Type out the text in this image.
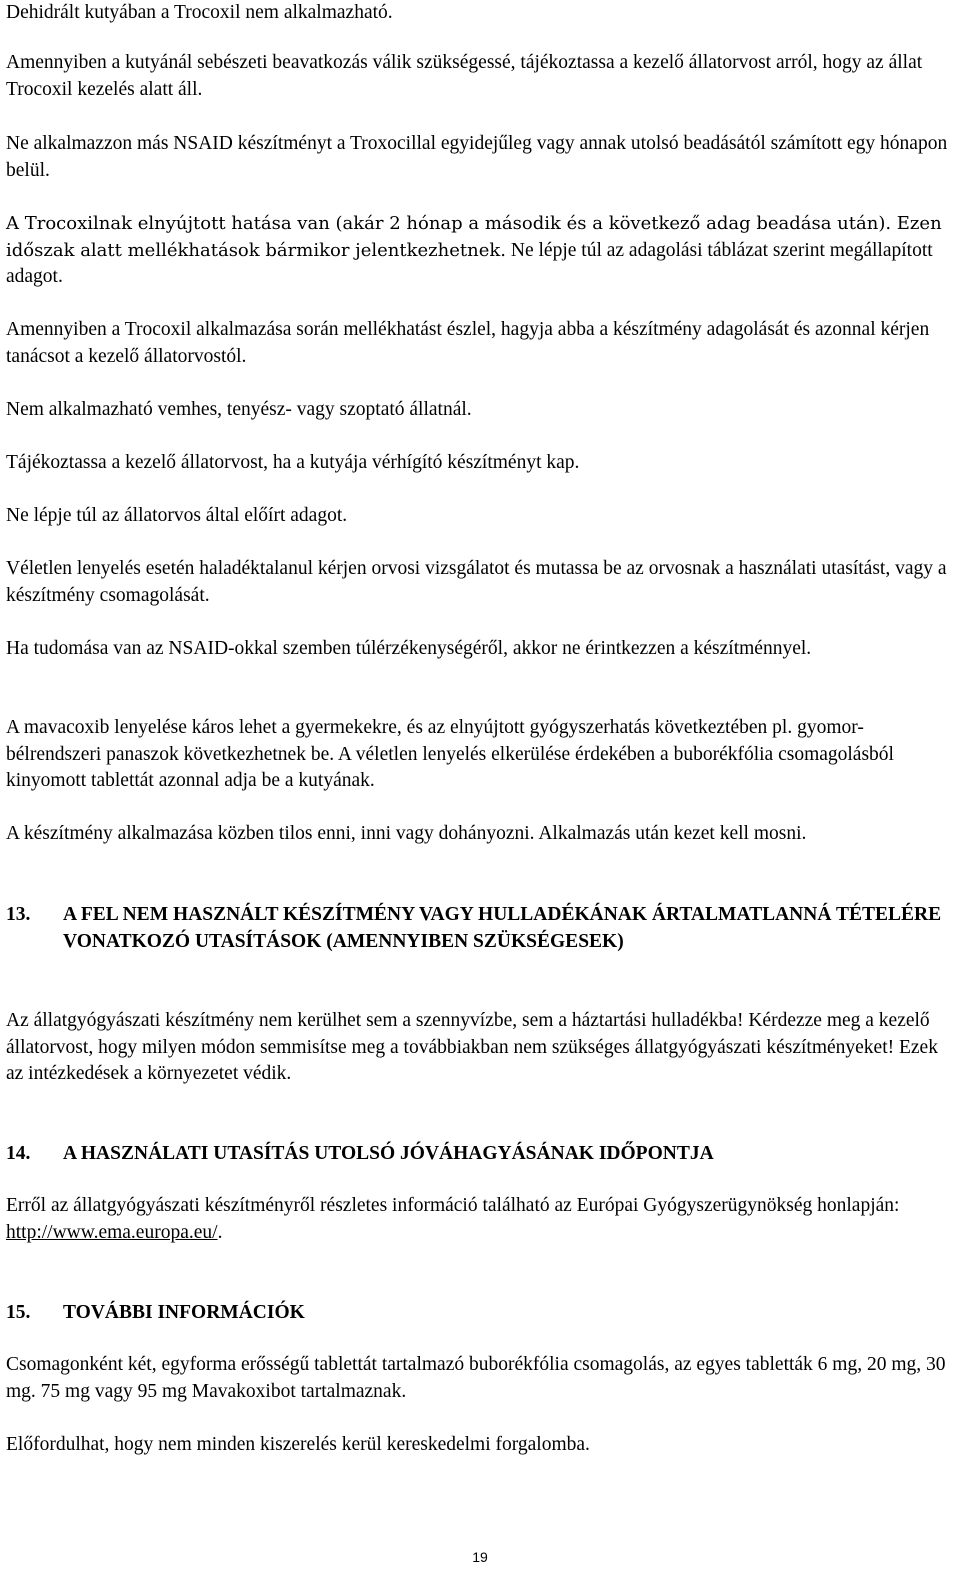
Dehidrált kutyában a Trocoxil nem alkalmazható.

Amennyiben a kutyánál sebészeti beavatkozás válik szükségessé, tájékoztassa a kezelő állatorvost arról, hogy az állat Trocoxil kezelés alatt áll.

Ne alkalmazzon más NSAID készítményt a Troxocillal egyidejűleg vagy annak utolsó beadásától számított egy hónapon belül.

A Trocoxilnak elnyújtott hatása van (akár 2 hónap a második és a következő adag beadása után). Ezen időszak alatt mellékhatások bármikor jelentkezhetnek. Ne lépje túl az adagolási táblázat szerint megállapított adagot.

Amennyiben a Trocoxil alkalmazása során mellékhatást észlel, hagyja abba a készítmény adagolását és azonnal kérjen tanácsot a kezelő állatorvostól.

Nem alkalmazható vemhes, tenyész- vagy szoptató állatnál.

Tájékoztassa a kezelő állatorvost, ha a kutyája vérhígító készítményt kap.

Ne lépje túl az állatorvos által előírt adagot.

Véletlen lenyelés esetén haladéktalanul kérjen orvosi vizsgálatot és mutassa be az orvosnak a használati utasítást, vagy a készítmény csomagolását.

Ha tudomása van az NSAID-okkal szemben túlérzékenységéről, akkor ne érintkezzen a készítménnyel.

A mavacoxib lenyelése káros lehet a gyermekekre, és az elnyújtott gyógyszerhatás következtében pl. gyomor-bélrendszeri panaszok következhetnek be. A véletlen lenyelés elkerülése érdekében a buborékfólia csomagolásból kinyomott tablettát azonnal adja be a kutyának.

A készítmény alkalmazása közben tilos enni, inni vagy dohányozni. Alkalmazás után kezet kell mosni.

13. A FEL NEM HASZNÁLT KÉSZÍTMÉNY VAGY HULLADÉKÁNAK ÁRTALMATLANNÁ TÉTELÉRE VONATKOZÓ UTASÍTÁSOK (AMENNYIBEN SZÜKSÉGESEK)

Az állatgyógyászati készítmény nem kerülhet sem a szennyvízbe, sem a háztartási hulladékba! Kérdezze meg a kezelő állatorvost, hogy milyen módon semmisítse meg a továbbiakban nem szükséges állatgyógyászati készítményeket! Ezek az intézkedések a környezetet védik.

14. A HASZNÁLATI UTASÍTÁS UTOLSÓ JÓVÁHAGYÁSÁNAK IDŐPONTJA

Erről az állatgyógyászati készítményről részletes információ található az Európai Gyógyszerügynökség honlapján: http://www.ema.europa.eu/.

15. TOVÁBBI INFORMÁCIÓK

Csomagonként két, egyforma erősségű tablettát tartalmazó buborékfólia csomagolás, az egyes tabletták 6 mg, 20 mg, 30 mg. 75 mg vagy 95 mg Mavakoxibot tartalmaznak.

Előfordulhat, hogy nem minden kiszerelés kerül kereskedelmi forgalomba.

19
